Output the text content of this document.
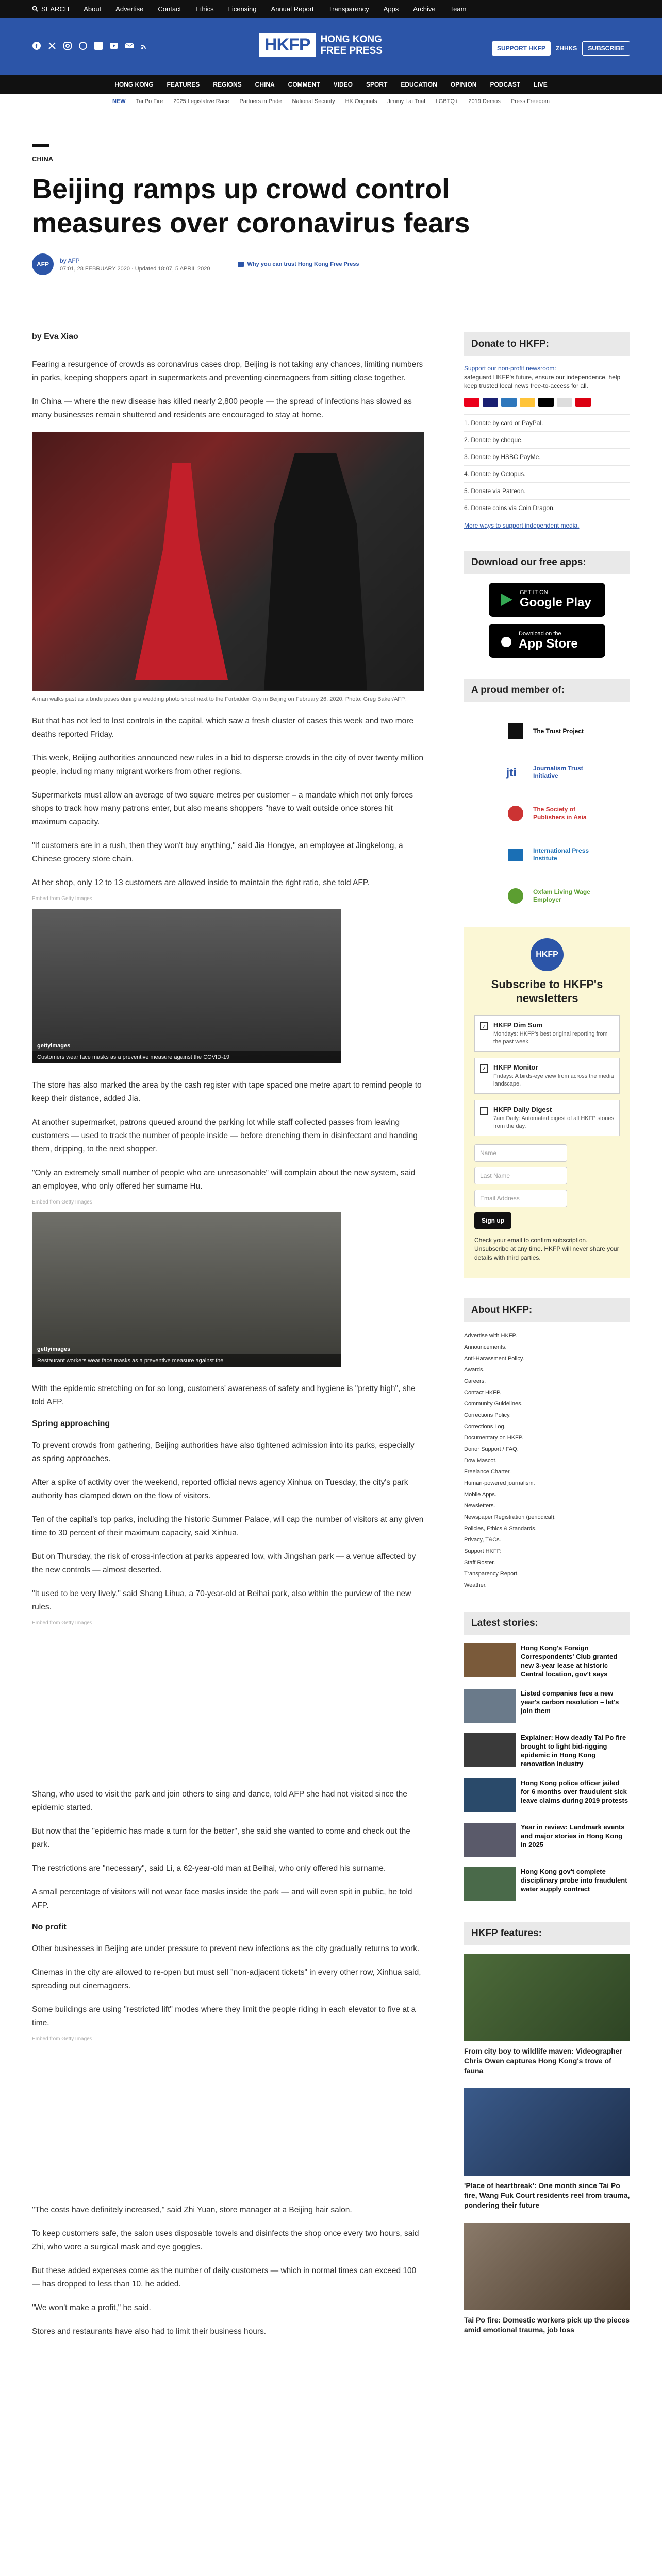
SEARCH About Advertise Contact Ethics Licensing Annual Report Transparency Apps Archive Team
f	HKFP	HONG KONG FREE PRESS	SUPPORT HKFP	ZHHKS	SUBSCRIBE
HONG KONG FEATURES REGIONS CHINA COMMENT VIDEO SPORT EDUCATION OPINION PODCAST LIVE
NEW Tai Po Fire 2025 Legislative Race Partners in Pride National Security HK Originals Jimmy Lai Trial LGBTQ+ 2019 Demos Press Freedom
CHINA
Beijing ramps up crowd control measures over coronavirus fears
AFP
by AFP
07:01, 28 FEBRUARY 2020 · Updated 18:07, 5 APRIL 2020
Why you can trust Hong Kong Free Press
by Eva Xiao

Fearing a resurgence of crowds as coronavirus cases drop, Beijing is not taking any chances, limiting numbers in parks, keeping shoppers apart in supermarkets and preventing cinemagoers from sitting close together.

In China — where the new disease has killed nearly 2,800 people — the spread of infections has slowed as many businesses remain shuttered and residents are encouraged to stay at home.

A man walks past as a bride poses during a wedding photo shoot next to the Forbidden City in Beijing on February 26, 2020. Photo: Greg Baker/AFP.

But that has not led to lost controls in the capital, which saw a fresh cluster of cases this week and two more deaths reported Friday.

This week, Beijing authorities announced new rules in a bid to disperse crowds in the city of over twenty million people, including many migrant workers from other regions.

Supermarkets must allow an average of two square metres per customer – a mandate which not only forces shops to track how many patrons enter, but also means shoppers "have to wait outside once stores hit maximum capacity.

"If customers are in a rush, then they won't buy anything," said Jia Hongye, an employee at Jingkelong, a Chinese grocery store chain.

At her shop, only 12 to 13 customers are allowed inside to maintain the right ratio, she told AFP.

Embed from Getty Images
gettyimages
Customers wear face masks as a preventive measure against the COVID-19

The store has also marked the area by the cash register with tape spaced one metre apart to remind people to keep their distance, added Jia.

At another supermarket, patrons queued around the parking lot while staff collected passes from leaving customers — used to track the number of people inside — before drenching them in disinfectant and handing them, dripping, to the next shopper.

"Only an extremely small number of people who are unreasonable" will complain about the new system, said an employee, who only offered her surname Hu.

Embed from Getty Images
gettyimages
Restaurant workers wear face masks as a preventive measure against the

With the epidemic stretching on for so long, customers' awareness of safety and hygiene is "pretty high", she told AFP.

Spring approaching

To prevent crowds from gathering, Beijing authorities have also tightened admission into its parks, especially as spring approaches.

After a spike of activity over the weekend, reported official news agency Xinhua on Tuesday, the city's park authority has clamped down on the flow of visitors.

Ten of the capital's top parks, including the historic Summer Palace, will cap the number of visitors at any given time to 30 percent of their maximum capacity, said Xinhua.

But on Thursday, the risk of cross-infection at parks appeared low, with Jingshan park — a venue affected by the new controls — almost deserted.

"It used to be very lively," said Shang Lihua, a 70-year-old at Beihai park, also within the purview of the new rules.

Embed from Getty Images

Shang, who used to visit the park and join others to sing and dance, told AFP she had not visited since the epidemic started.

But now that the "epidemic has made a turn for the better", she said she wanted to come and check out the park.

The restrictions are "necessary", said Li, a 62-year-old man at Beihai, who only offered his surname.

A small percentage of visitors will not wear face masks inside the park — and will even spit in public, he told AFP.

No profit

Other businesses in Beijing are under pressure to prevent new infections as the city gradually returns to work.

Cinemas in the city are allowed to re-open but must sell "non-adjacent tickets" in every other row, Xinhua said, spreading out cinemagoers.

Some buildings are using "restricted lift" modes where they limit the people riding in each elevator to five at a time.

Embed from Getty Images

"The costs have definitely increased," said Zhi Yuan, store manager at a Beijing hair salon.

To keep customers safe, the salon uses disposable towels and disinfects the shop once every two hours, said Zhi, who wore a surgical mask and eye goggles.

But these added expenses come as the number of daily customers — which in normal times can exceed 100 — has dropped to less than 10, he added.

"We won't make a profit," he said.

Stores and restaurants have also had to limit their business hours.

Donate to HKFP:
Support our non-profit newsroom:
safeguard HKFP's future, ensure our independence, help keep trusted local news free-to-access for all.
1. Donate by card or PayPal.
2. Donate by cheque.
3. Donate by HSBC PayMe.
4. Donate by Octopus.
5. Donate via Patreon.
6. Donate coins via Coin Dragon.
More ways to support independent media.
Download our free apps:
GET IT ON
Google Play
Download on the
App Store
A proud member of:
The Trust Project
jti	Journalism Trust Initiative
The Society of Publishers in Asia
International Press Institute
Oxfam Living Wage Employer
HKFP
Subscribe to HKFP's newsletters
✓ HKFP Dim Sum
Mondays: HKFP's best original reporting from the past week.
✓ HKFP Monitor
Fridays: A birds-eye view from across the media landscape.
HKFP Daily Digest
7am Daily: Automated digest of all HKFP stories from the day.
Name
Last Name
Email Address
Sign up
Check your email to confirm subscription. Unsubscribe at any time. HKFP will never share your details with third parties.
About HKFP:
Advertise with HKFP.
Announcements.
Anti-Harassment Policy.
Awards.
Careers.
Contact HKFP.
Community Guidelines.
Corrections Policy.
Corrections Log.
Documentary on HKFP.
Donor Support / FAQ.
Dow Mascot.
Freelance Charter.
Human-powered journalism.
Mobile Apps.
Newsletters.
Newspaper Registration (periodical).
Policies, Ethics & Standards.
Privacy, T&Cs.
Support HKFP.
Staff Roster.
Transparency Report.
Weather.
Latest stories:
Hong Kong's Foreign Correspondents' Club granted new 3-year lease at historic Central location, gov't says
Listed companies face a new year's carbon resolution – let's join them
Explainer: How deadly Tai Po fire brought to light bid-rigging epidemic in Hong Kong renovation industry
Hong Kong police officer jailed for 6 months over fraudulent sick leave claims during 2019 protests
Year in review: Landmark events and major stories in Hong Kong in 2025
Hong Kong gov't complete disciplinary probe into fraudulent water supply contract
HKFP features:
From city boy to wildlife maven: Videographer Chris Owen captures Hong Kong's trove of fauna
'Place of heartbreak': One month since Tai Po fire, Wang Fuk Court residents reel from trauma, pondering their future
Tai Po fire: Domestic workers pick up the pieces amid emotional trauma, job loss
